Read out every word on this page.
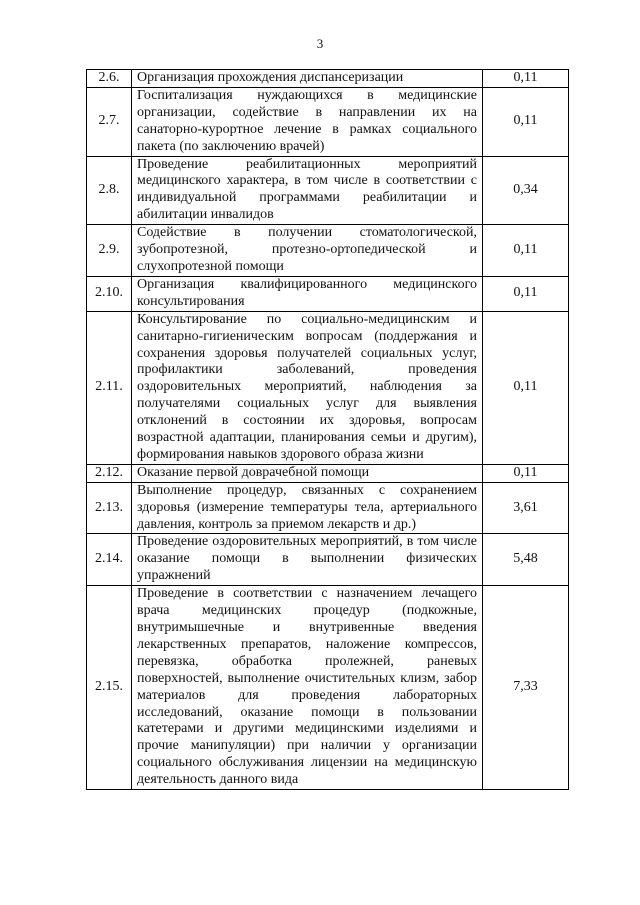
3
2.6.	Организация прохождения диспансеризации	0,11
2.7.	Госпитализация нуждающихся в медицинские организации, содействие в направлении их на санаторно-курортное лечение в рамках социального пакета (по заключению врачей)	0,11
2.8.	Проведение реабилитационных мероприятий медицинского характера, в том числе в соответствии с индивидуальной программами реабилитации и абилитации инвалидов	0,34
2.9.	Содействие в получении стоматологической, зубопротезной, протезно-ортопедической и слухопротезной помощи	0,11
2.10.	Организация квалифицированного медицинского консультирования	0,11
2.11.	Консультирование по социально-медицинским и санитарно-гигиеническим вопросам (поддержания и сохранения здоровья получателей социальных услуг, профилактики заболеваний, проведения оздоровительных мероприятий, наблюдения за получателями социальных услуг для выявления отклонений в состоянии их здоровья, вопросам возрастной адаптации, планирования семьи и другим), формирования навыков здорового образа жизни	0,11
2.12.	Оказание первой доврачебной помощи	0,11
2.13.	Выполнение процедур, связанных с сохранением здоровья (измерение температуры тела, артериального давления, контроль за приемом лекарств и др.)	3,61
2.14.	Проведение оздоровительных мероприятий, в том числе оказание помощи в выполнении физических упражнений	5,48
2.15.	Проведение в соответствии с назначением лечащего врача медицинских процедур (подкожные, внутримышечные и внутривенные введения лекарственных препаратов, наложение компрессов, перевязка, обработка пролежней, раневых поверхностей, выполнение очистительных клизм, забор материалов для проведения лабораторных исследований, оказание помощи в пользовании катетерами и другими медицинскими изделиями и прочие манипуляции) при наличии у организации социального обслуживания лицензии на медицинскую деятельность данного вида	7,33
